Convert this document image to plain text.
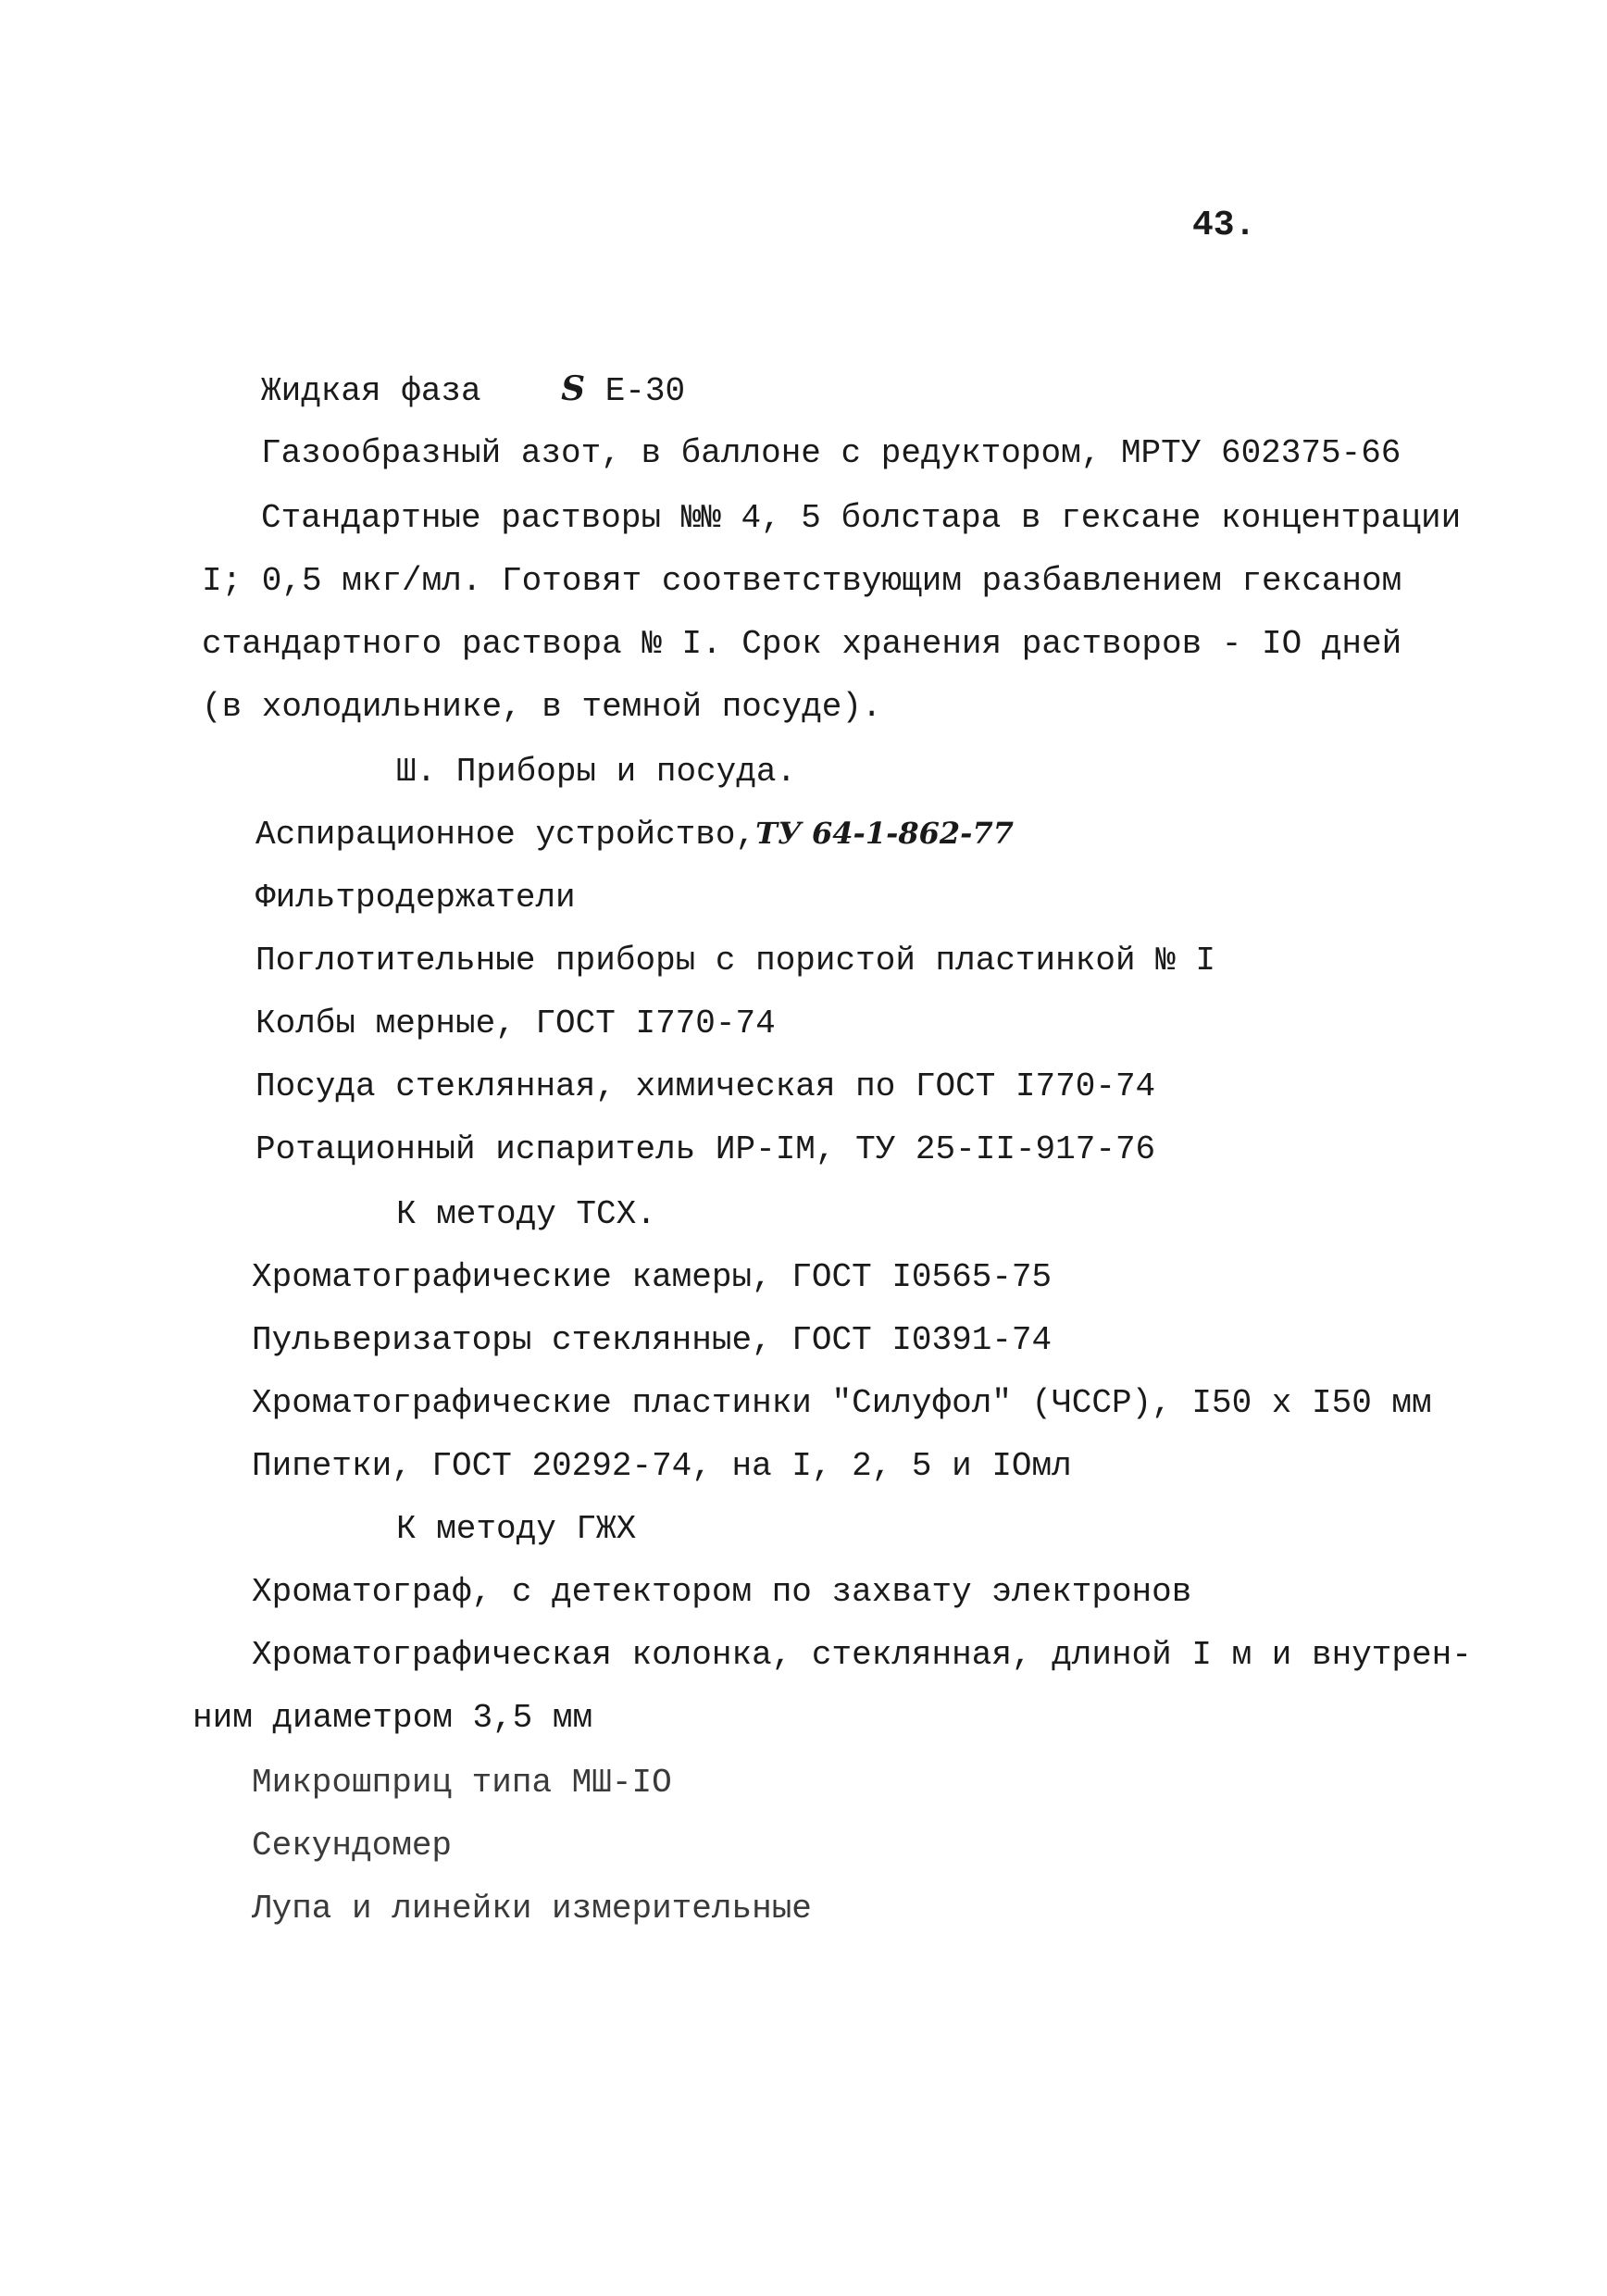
43.
Жидкая фаза S E-30
Газообразный азот, в баллоне с редуктором, МРТУ 602375-66
Стандартные растворы №№ 4, 5 болстара в гексане концентрации
I; 0,5 мкг/мл. Готовят соответствующим разбавлением гексаном
стандартного раствора № I. Срок хранения растворов - IO дней
(в холодильнике, в темной посуде).
Ш. Приборы и посуда.
Аспирационное устройство,ТУ 64-1-862-77
Фильтродержатели
Поглотительные приборы с пористой пластинкой № I
Колбы мерные, ГОСТ I770-74
Посуда стеклянная, химическая по ГОСТ I770-74
Ротационный испаритель ИР-IМ, ТУ 25-II-917-76
К методу ТСХ.
Хроматографические камеры, ГОСТ I0565-75
Пульверизаторы стеклянные, ГОСТ I0391-74
Хроматографические пластинки "Силуфол" (ЧССР), I50 x I50 мм
Пипетки, ГОСТ 20292-74, на I, 2, 5 и IOмл
К методу ГЖХ
Хроматограф, с детектором по захвату электронов
Хроматографическая колонка, стеклянная, длиной I м и внутрен-
ним диаметром 3,5 мм
Микрошприц типа МШ-IО
Секундомер
Лупа и линейки измерительные
